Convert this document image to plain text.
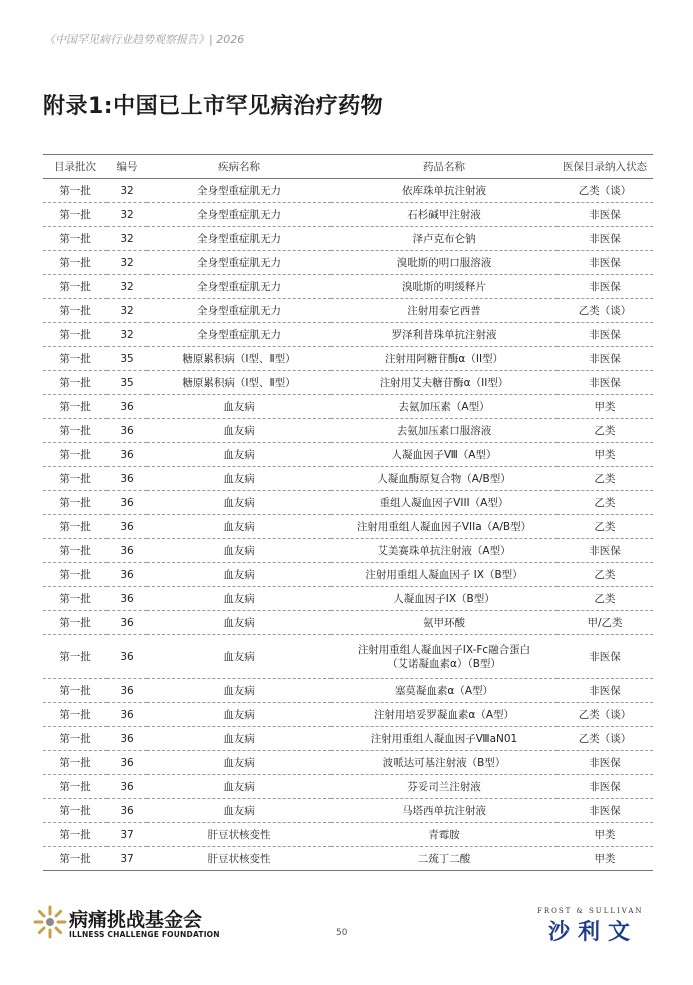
《中国罕见病行业趋势观察报告》| 2026
附录1:中国已上市罕见病治疗药物
目录批次	编号	疾病名称	药品名称	医保目录纳入状态
第一批	32	全身型重症肌无力	依库珠单抗注射液	乙类（谈）
第一批	32	全身型重症肌无力	石杉碱甲注射液	非医保
第一批	32	全身型重症肌无力	泽卢克布仑钠	非医保
第一批	32	全身型重症肌无力	溴吡斯的明口服溶液	非医保
第一批	32	全身型重症肌无力	溴吡斯的明缓释片	非医保
第一批	32	全身型重症肌无力	注射用泰它西普	乙类（谈）
第一批	32	全身型重症肌无力	罗泽利昔珠单抗注射液	非医保
第一批	35	糖原累积病（I型、Ⅱ型）	注射用阿糖苷酶α（II型）	非医保
第一批	35	糖原累积病（I型、Ⅱ型）	注射用艾夫糖苷酶α（II型）	非医保
第一批	36	血友病	去氨加压素（A型）	甲类
第一批	36	血友病	去氨加压素口服溶液	乙类
第一批	36	血友病	人凝血因子Ⅷ（A型）	甲类
第一批	36	血友病	人凝血酶原复合物（A/B型）	乙类
第一批	36	血友病	重组人凝血因子VIII（A型）	乙类
第一批	36	血友病	注射用重组人凝血因子VIIa（A/B型）	乙类
第一批	36	血友病	艾美赛珠单抗注射液（A型）	非医保
第一批	36	血友病	注射用重组人凝血因子 IX（B型）	乙类
第一批	36	血友病	人凝血因子IX（B型）	乙类
第一批	36	血友病	氨甲环酸	甲/乙类
第一批	36	血友病	注射用重组人凝血因子IX-Fc融合蛋白
（艾诺凝血素α）（B型）	非医保
第一批	36	血友病	塞莫凝血素α（A型）	非医保
第一批	36	血友病	注射用培妥罗凝血素α（A型）	乙类（谈）
第一批	36	血友病	注射用重组人凝血因子ⅧaN01	乙类（谈）
第一批	36	血友病	波哌达可基注射液（B型）	非医保
第一批	36	血友病	芬妥司兰注射液	非医保
第一批	36	血友病	马塔西单抗注射液	非医保
第一批	37	肝豆状核变性	青霉胺	甲类
第一批	37	肝豆状核变性	二巯丁二酸	甲类
病痛挑战基金会
ILLNESS CHALLENGE FOUNDATION	50
FROST & SULLIVAN
沙利文
